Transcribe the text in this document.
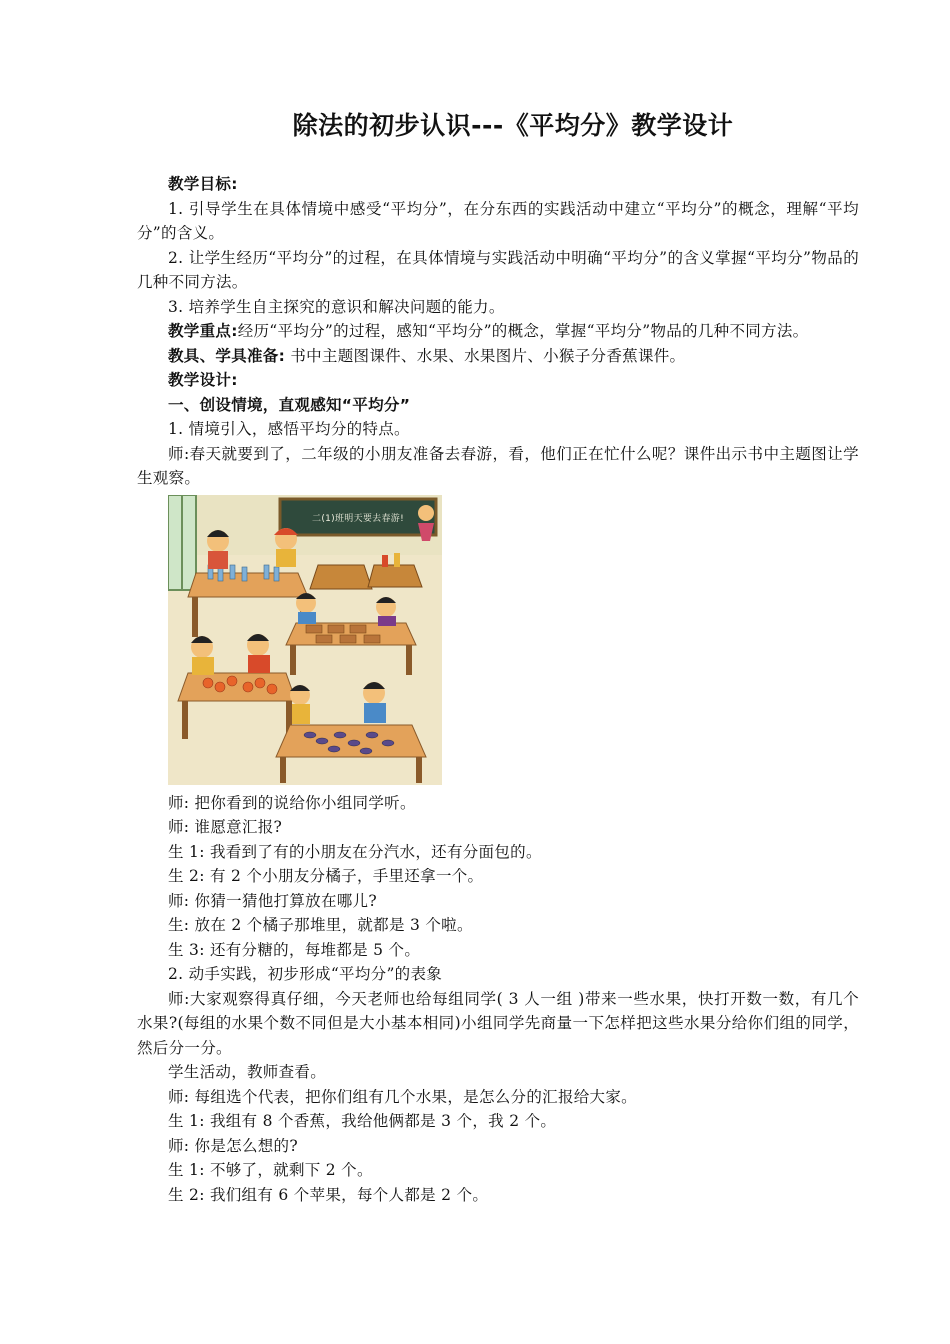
除法的初步认识---《平均分》教学设计

教学目标:

1. 引导学生在具体情境中感受“平均分”，在分东西的实践活动中建立“平均分”的概念，理解“平均分”的含义。

2. 让学生经历“平均分”的过程，在具体情境与实践活动中明确“平均分”的含义掌握“平均分”物品的几种不同方法。

3. 培养学生自主探究的意识和解决问题的能力。

教学重点:经历“平均分”的过程，感知“平均分”的概念，掌握“平均分”物品的几种不同方法。

教具、学具准备: 书中主题图课件、水果、水果图片、小猴子分香蕉课件。

教学设计:

一、创设情境，直观感知“平均分”

1. 情境引入，感悟平均分的特点。

师:春天就要到了，二年级的小朋友准备去春游，看，他们正在忙什么呢？课件出示书中主题图让学生观察。

二(1)班明天要去春游!

师: 把你看到的说给你小组同学听。

师: 谁愿意汇报?

生 1: 我看到了有的小朋友在分汽水，还有分面包的。

生 2: 有 2 个小朋友分橘子，手里还拿一个。

师: 你猜一猜他打算放在哪儿?

生: 放在 2 个橘子那堆里，就都是 3 个啦。

生 3: 还有分糖的，每堆都是 5 个。

2. 动手实践，初步形成“平均分”的表象

师:大家观察得真仔细，今天老师也给每组同学( 3 人一组 )带来一些水果，快打开数一数，有几个水果?(每组的水果个数不同但是大小基本相同)小组同学先商量一下怎样把这些水果分给你们组的同学，然后分一分。

学生活动，教师查看。

师: 每组选个代表，把你们组有几个水果，是怎么分的汇报给大家。

生 1: 我组有 8 个香蕉，我给他俩都是 3 个，我 2 个。

师: 你是怎么想的?

生 1: 不够了，就剩下 2 个。

生 2: 我们组有 6 个苹果，每个人都是 2 个。
